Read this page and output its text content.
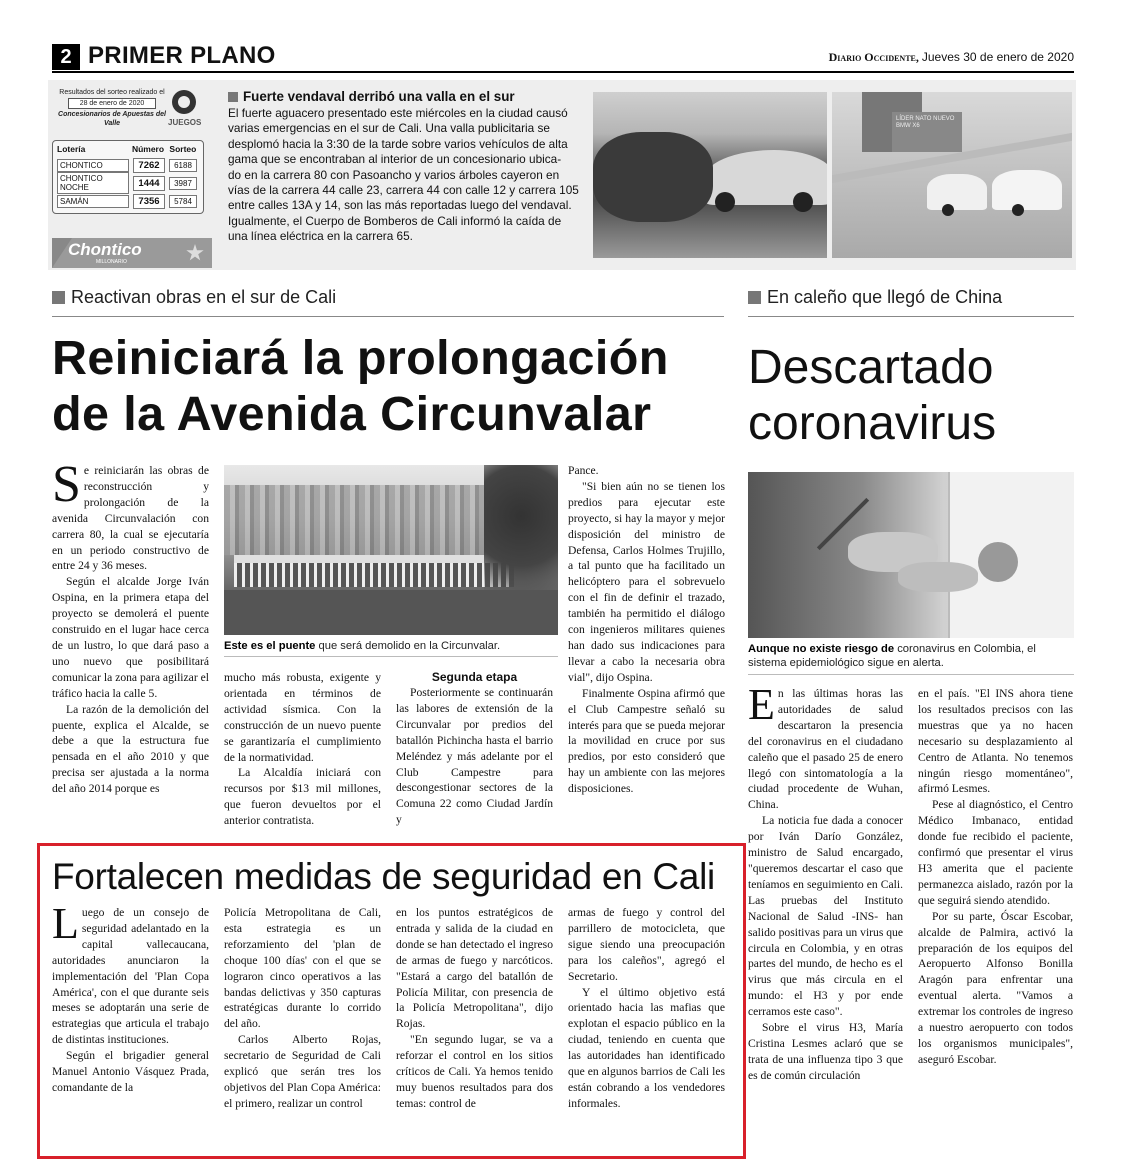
2 PRIMER PLANO	Diario Occidente, Jueves 30 de enero de 2020
Resultados del sorteo realizado el
28 de enero de 2020
Concesionarios de Apuestas del Valle	JUEGOS
Lotería	Número Sorteo
CHONTICO	7262	6188
CHONTICO NOCHE	1444	3987
SAMÁN	7356	5784
Chontico
MILLONARIO
Fuerte vendaval derribó una valla en el sur
El fuerte aguacero presentado este miércoles en la ciudad causó
varias emergencias en el sur de Cali. Una valla publicitaria se
desplomó hacia la 3:30 de la tarde sobre varios vehículos de alta
gama que se encontraban al interior de un concesionario ubica-
do en la carrera 80 con Pasoancho y varios árboles cayeron en
vías de la carrera 44 calle 23, carrera 44 con calle 12 y carrera 105
entre calles 13A y 14, son las más reportadas luego del vendaval.
Igualmente, el Cuerpo de Bomberos de Cali informó la caída de
una línea eléctrica en la carrera 65.
LÍDER NATO NUEVO BMW X6
Reactivan obras en el sur de Cali
Reiniciará la prolongación
de la Avenida Circunvalar

Se reiniciarán las obras de reconstrucción y prolongación de la avenida Circunvalación con carrera 80, la cual se ejecutaría en un periodo constructivo de entre 24 y 36 meses.

Según el alcalde Jorge Iván Ospina, en la primera etapa del proyecto se demolerá el puente construido en el lugar hace cerca de un lustro, lo que dará paso a uno nuevo que posibilitará comunicar la zona para agilizar el tráfico hacia la calle 5.

La razón de la demolición del puente, explica el Alcalde, se debe a que la estructura fue pensada en el año 2010 y que precisa ser ajustada a la norma del año 2014 porque es

Este es el puente que será demolido en la Circunvalar.

mucho más robusta, exigente y orientada en términos de actividad sísmica. Con la construcción de un nuevo puente se garantizaría el cumplimiento de la normatividad.

La Alcaldía iniciará con recursos por $13 mil millones, que fueron devueltos por el anterior contratista.

Segunda etapa

Posteriormente se continuarán las labores de extensión de la Circunvalar por predios del batallón Pichincha hasta el barrio Meléndez y más adelante por el Club Campestre para descongestionar sectores de la Comuna 22 como Ciudad Jardín y

Pance.

"Si bien aún no se tienen los predios para ejecutar este proyecto, si hay la mayor y mejor disposición del ministro de Defensa, Carlos Holmes Trujillo, a tal punto que ha facilitado un helicóptero para el sobrevuelo con el fin de definir el trazado, también ha permitido el diálogo con ingenieros militares quienes han dado sus indicaciones para llevar a cabo la necesaria obra vial", dijo Ospina.

Finalmente Ospina afirmó que el Club Campestre señaló su interés para que se pueda mejorar la movilidad en cruce por sus predios, por esto consideró que hay un ambiente con las mejores disposiciones.

Fortalecen medidas de seguridad en Cali

Luego de un consejo de seguridad adelantado en la capital vallecaucana, autoridades anunciaron la implementación del 'Plan Copa América', con el que durante seis meses se adoptarán una serie de estrategias que articula el trabajo de distintas instituciones.

Según el brigadier general Manuel Antonio Vásquez Prada, comandante de la

Policía Metropolitana de Cali, esta estrategia es un reforzamiento del 'plan de choque 100 días' con el que se lograron cinco operativos a las bandas delictivas y 350 capturas estratégicas durante lo corrido del año.

Carlos Alberto Rojas, secretario de Seguridad de Cali explicó que serán tres los objetivos del Plan Copa América: el primero, realizar un control

en los puntos estratégicos de entrada y salida de la ciudad en donde se han detectado el ingreso de armas de fuego y narcóticos. "Estará a cargo del batallón de Policía Militar, con presencia de la Policía Metropolitana", dijo Rojas.

"En segundo lugar, se va a reforzar el control en los sitios críticos de Cali. Ya hemos tenido muy buenos resultados para dos temas: control de

armas de fuego y control del parrillero de motocicleta, que sigue siendo una preocupación para los caleños", agregó el Secretario.

Y el último objetivo está orientado hacia las mafias que explotan el espacio público en la ciudad, teniendo en cuenta que las autoridades han identificado que en algunos barrios de Cali les están cobrando a los vendedores informales.

En caleño que llegó de China
Descartado
coronavirus
Aunque no existe riesgo de coronavirus en Colombia, el sistema epidemiológico sigue en alerta.

En las últimas horas las autoridades de salud descartaron la presencia del coronavirus en el ciudadano caleño que el pasado 25 de enero llegó con sintomatología a la ciudad procedente de Wuhan, China.

La noticia fue dada a conocer por Iván Darío González, ministro de Salud encargado, "queremos descartar el caso que teníamos en seguimiento en Cali. Las pruebas del Instituto Nacional de Salud -INS- han salido positivas para un virus que circula en Colombia, y en otras partes del mundo, de hecho es el virus que más circula en el mundo: el H3 y por ende cerramos este caso".

Sobre el virus H3, María Cristina Lesmes aclaró que se trata de una influenza tipo 3 que es de común circulación

en el país. "El INS ahora tiene los resultados precisos con las muestras que ya no hacen necesario su desplazamiento al Centro de Atlanta. No tenemos ningún riesgo momentáneo", afirmó Lesmes.

Pese al diagnóstico, el Centro Médico Imbanaco, entidad donde fue recibido el paciente, confirmó que presentar el virus H3 amerita que el paciente permanezca aislado, razón por la que seguirá siendo atendido.

Por su parte, Óscar Escobar, alcalde de Palmira, activó la preparación de los equipos del Aeropuerto Alfonso Bonilla Aragón para enfrentar una eventual alerta. "Vamos a extremar los controles de ingreso a nuestro aeropuerto con todos los organismos municipales", aseguró Escobar.
